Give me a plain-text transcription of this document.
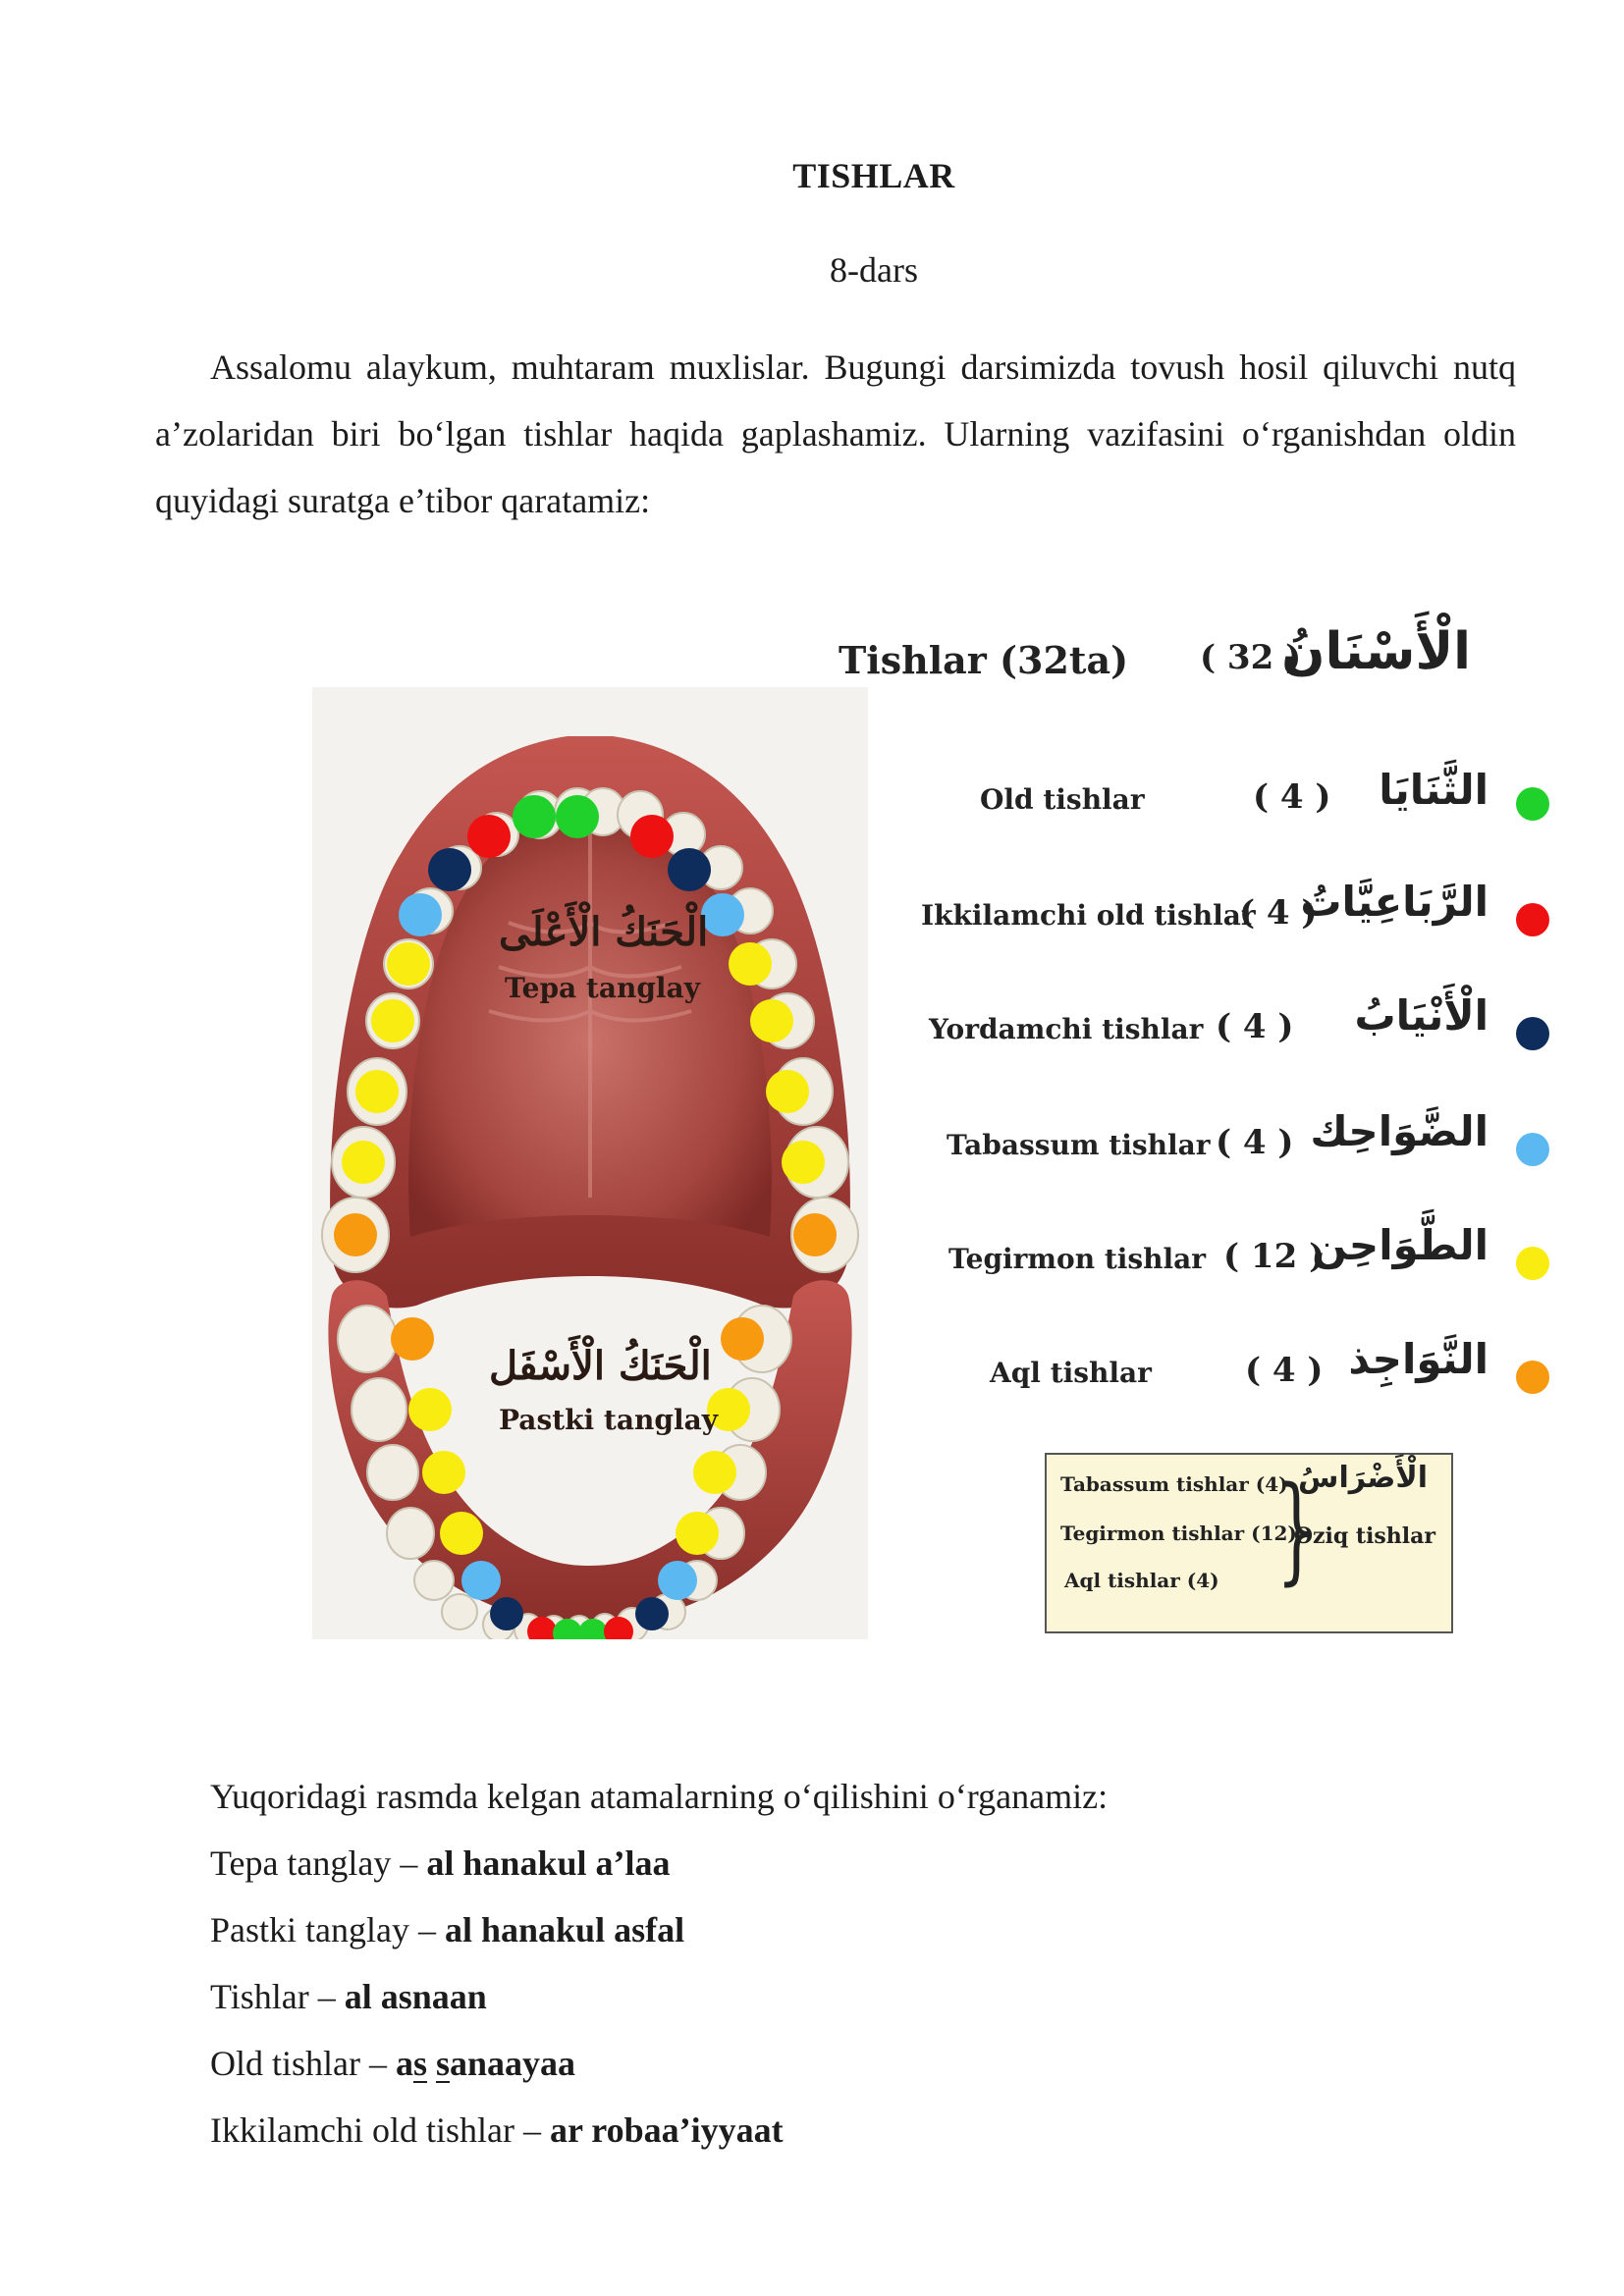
TISHLAR
8-dars
Assalomu alaykum, muhtaram muxlislar. Bugungi darsimizda tovush hosil qiluvchi nutq a’zolaridan biri bo‘lgan tishlar haqida gaplashamiz. Ularning vazifasini o‘rganishdan oldin quyidagi suratga e’tibor qaratamiz:
الْحَنَكُ الْأَعْلَى
Tepa tanglay
الْحَنَكُ الْأَسْفَل
Pastki tanglay
Tishlar (32ta) ( 32 )
الْأَسْنَانُ
Old tishlar	( 4 ) الثَّنَايَا
Ikkilamchi old tishlar
( 4 )
الرَّبَاعِيَّاتُ
Yordamchi tishlar ( 4 ) الْأَنْيَابُ
Tabassum tishlar ( 4 ) الضَّوَاحِك
Tegirmon tishlar ( 12 )
الطَّوَاحِن
Aql tishlar	( 4 ) النَّوَاجِذ
Tabassum tishlar (4)
Tegirmon tishlar (12)
Aql tishlar (4) }
الْأَضْرَاسُ
Oziq tishlar
Yuqoridagi rasmda kelgan atamalarning o‘qilishini o‘rganamiz:
Tepa tanglay – al hanakul a’laa
Pastki tanglay – al hanakul asfal
Tishlar – al asnaan
Old tishlar – as sanaayaa
Ikkilamchi old tishlar – ar robaa’iyyaat
